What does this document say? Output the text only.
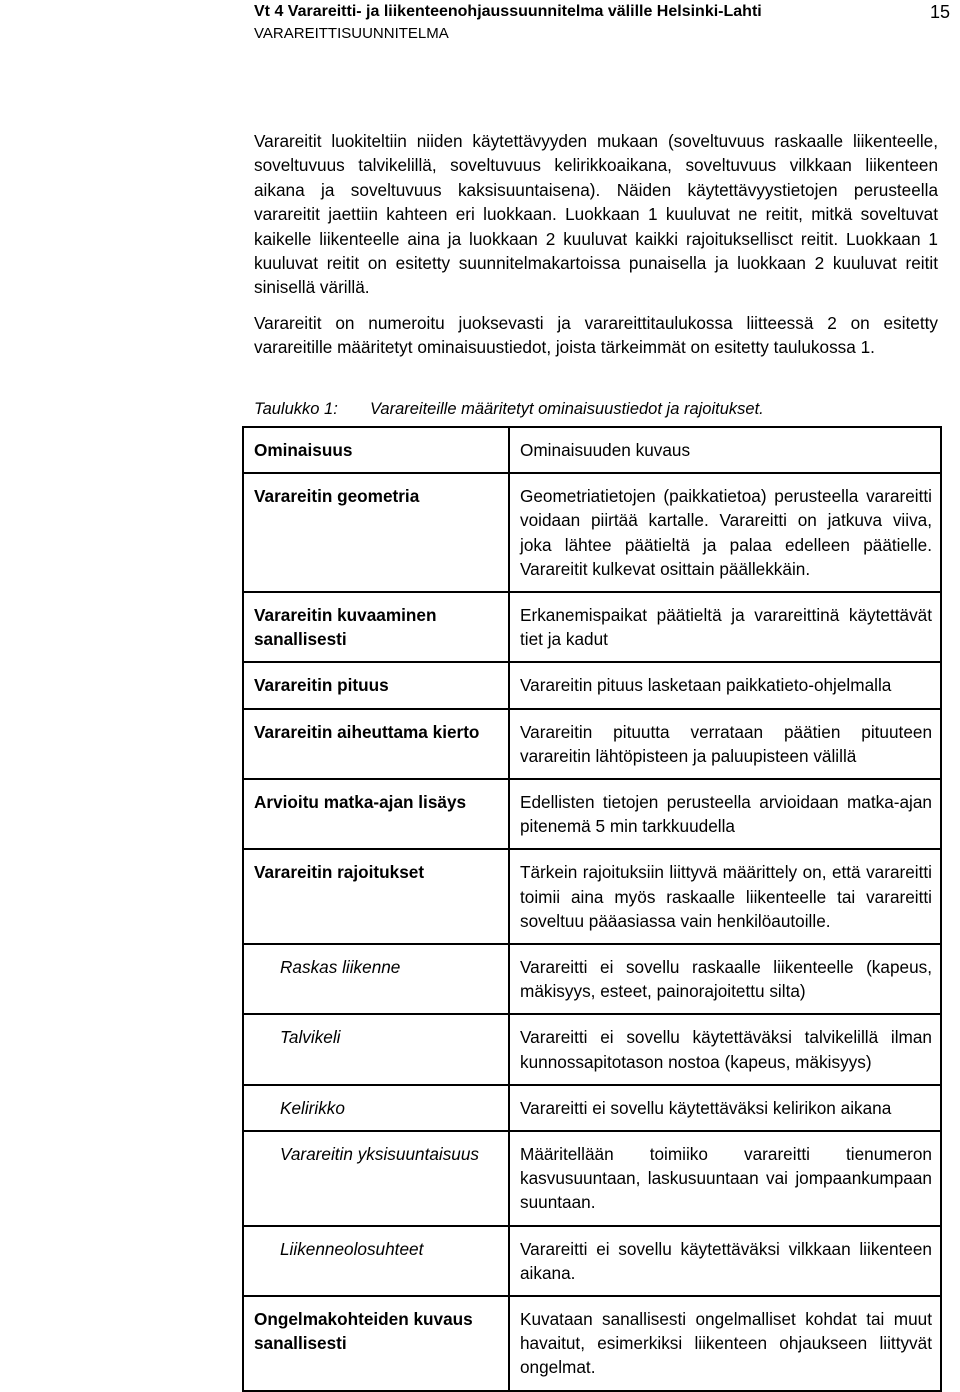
Vt 4 Varareitti- ja liikenteenohjaussuunnitelma välille Helsinki-Lahti
VARAREITTISUUNNITELMA
15

Varareitit luokiteltiin niiden käytettävyyden mukaan (soveltuvuus raskaalle liikenteelle, soveltuvuus talvikelillä, soveltuvuus kelirikkoaikana, soveltuvuus vilkkaan liikenteen aikana ja soveltuvuus kaksisuuntaisena). Näiden käytettävyystietojen perusteella varareitit jaettiin kahteen eri luokkaan. Luokkaan 1 kuuluvat ne reitit, mitkä soveltuvat kaikelle liikenteelle aina ja luokkaan 2 kuuluvat kaikki rajoituksellisct reitit. Luokkaan 1 kuuluvat reitit on esitetty suunnitelmakartoissa punaisella ja luokkaan 2 kuuluvat reitit sinisellä värillä.

Varareitit on numeroitu juoksevasti ja varareittitaulukossa liitteessä 2 on esitetty varareitille määritetyt ominaisuustiedot, joista tärkeimmät on esitetty taulukossa 1.

Taulukko 1: Varareiteille määritetyt ominaisuustiedot ja rajoitukset.
Ominaisuus	Ominaisuuden kuvaus
Varareitin geometria	Geometriatietojen (paikkatietoa) perusteella varareitti voidaan piirtää kartalle. Varareitti on jatkuva viiva, joka lähtee päätieltä ja palaa edelleen päätielle. Varareitit kulkevat osittain päällekkäin.
Varareitin kuvaaminen sanallisesti	Erkanemispaikat päätieltä ja varareittinä käytettävät tiet ja kadut
Varareitin pituus	Varareitin pituus lasketaan paikkatieto-ohjelmalla
Varareitin aiheuttama kierto	Varareitin pituutta verrataan päätien pituuteen varareitin lähtöpisteen ja paluupisteen välillä
Arvioitu matka-ajan lisäys	Edellisten tietojen perusteella arvioidaan matka-ajan pitenemä 5 min tarkkuudella
Varareitin rajoitukset	Tärkein rajoituksiin liittyvä määrittely on, että varareitti toimii aina myös raskaalle liikenteelle tai varareitti soveltuu pääasiassa vain henkilöautoille.
Raskas liikenne	Varareitti ei sovellu raskaalle liikenteelle (kapeus, mäkisyys, esteet, painorajoitettu silta)
Talvikeli	Varareitti ei sovellu käytettäväksi talvikelillä ilman kunnossapitotason nostoa (kapeus, mäkisyys)
Kelirikko	Varareitti ei sovellu käytettäväksi kelirikon aikana
Varareitin yksisuuntaisuus	Määritellään toimiiko varareitti tienumeron kasvusuuntaan, laskusuuntaan vai jompaankumpaan suuntaan.
Liikenneolosuhteet	Varareitti ei sovellu käytettäväksi vilkkaan liikenteen aikana.
Ongelmakohteiden kuvaus sanallisesti	Kuvataan sanallisesti ongelmalliset kohdat tai muut havaitut, esimerkiksi liikenteen ohjaukseen liittyvät ongelmat.
